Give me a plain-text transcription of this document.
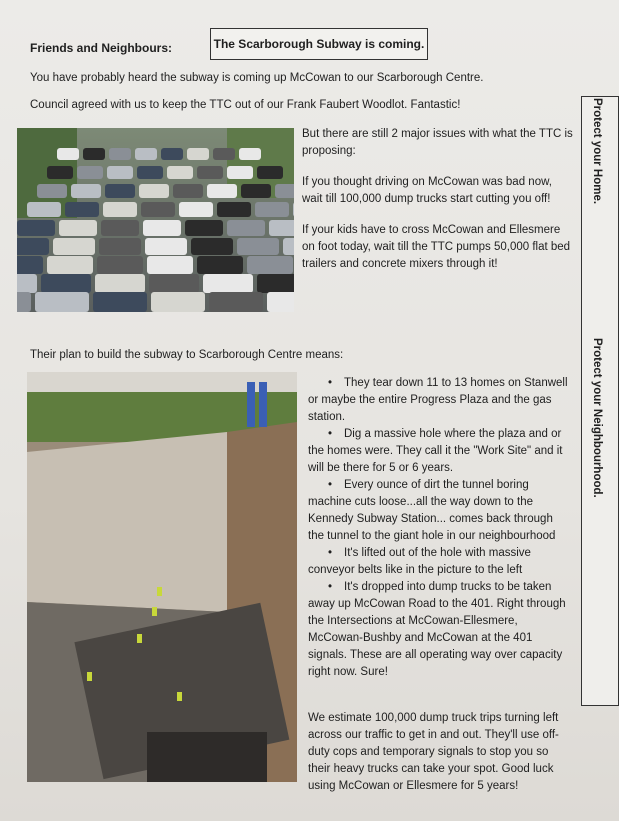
Friends and Neighbours:	The Scarborough Subway is coming.
You have probably heard the subway is coming up McCowan to our Scarborough Centre.
Council agreed with us to keep the TTC out of our Frank Faubert Woodlot. Fantastic!	Protect your Home.
Protect your Neighbourhood.
But there are still 2 major issues with what the TTC is proposing:
If you thought driving on McCowan was bad now, wait till 100,000 dump trucks start cutting you off!
If your kids have to cross McCowan and Ellesmere on foot today, wait till the TTC pumps 50,000 flat bed trailers and concrete mixers through it!
Their plan to build the subway to Scarborough Centre means:

• They tear down 11 to 13 homes on Stanwell or maybe the entire Progress Plaza and the gas station.

• Dig a massive hole where the plaza and or the homes were. They call it the "Work Site" and it will be there for 5 or 6 years.

• Every ounce of dirt the tunnel boring machine cuts loose...all the way down to the Kennedy Subway Station... comes back through the tunnel to the giant hole in our neighbourhood

• It's lifted out of the hole with massive conveyor belts like in the picture to the left

• It's dropped into dump trucks to be taken away up McCowan Road to the 401. Right through the Intersections at McCowan-Ellesmere, McCowan-Bushby and McCowan at the 401 signals. These are all operating way over capacity right now. Sure!

We estimate 100,000 dump truck trips turning left across our traffic to get in and out. They'll use off-duty cops and temporary signals to stop you so their heavy trucks can take your spot. Good luck using McCowan or Ellesmere for 5 years!
